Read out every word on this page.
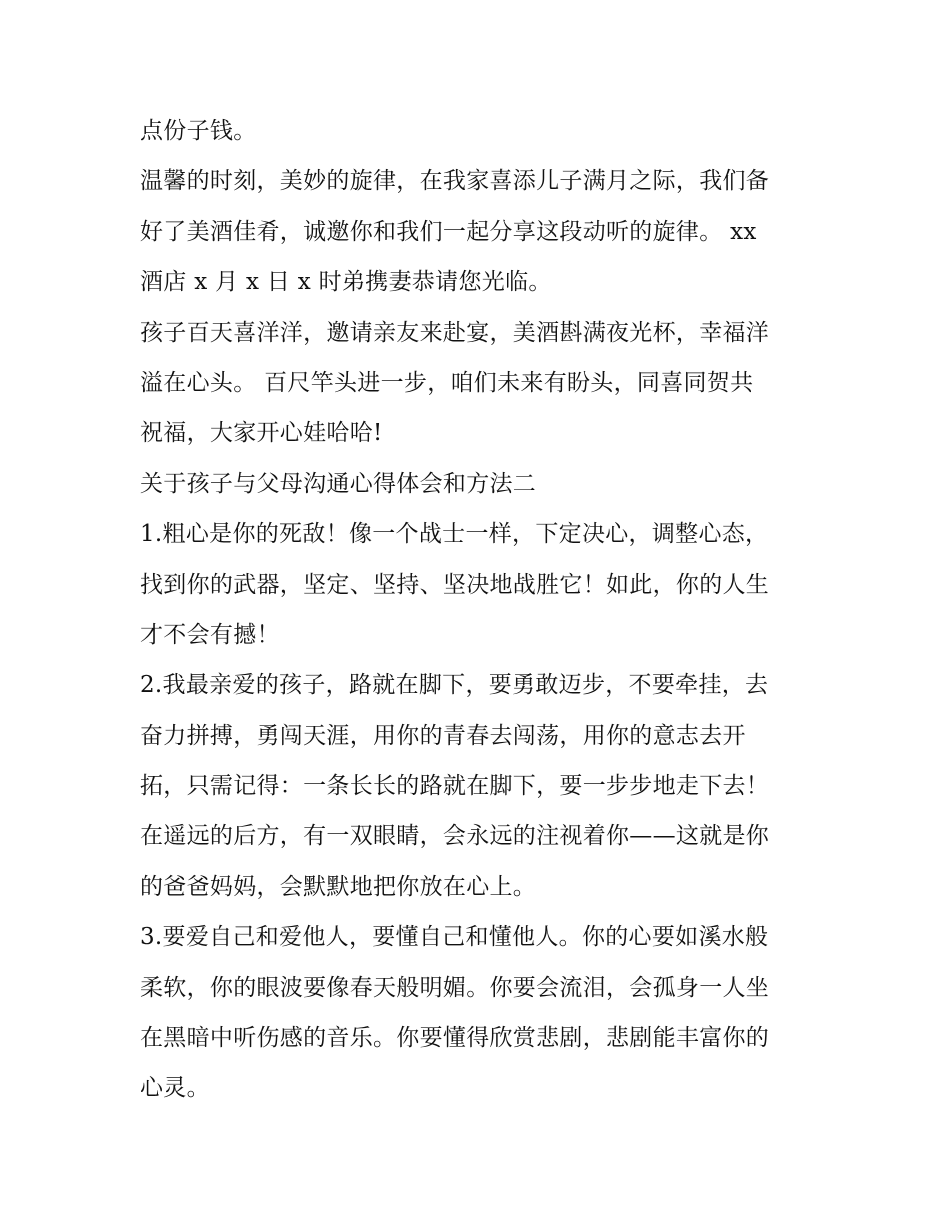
点份子钱。
温馨的时刻，美妙的旋律，在我家喜添儿子满月之际，我们备
好了美酒佳肴，诚邀你和我们一起分享这段动听的旋律。 xx
酒店 x 月 x 日 x 时弟携妻恭请您光临。
孩子百天喜洋洋，邀请亲友来赴宴，美酒斟满夜光杯，幸福洋
溢在心头。 百尺竿头进一步，咱们未来有盼头，同喜同贺共
祝福，大家开心娃哈哈!
关于孩子与父母沟通心得体会和方法二
1.粗心是你的死敌！像一个战士一样，下定决心，调整心态，
找到你的武器，坚定、坚持、坚决地战胜它！如此，你的人生
才不会有撼！
2.我最亲爱的孩子，路就在脚下，要勇敢迈步，不要牵挂，去
奋力拼搏，勇闯天涯，用你的青春去闯荡，用你的意志去开
拓，只需记得：一条长长的路就在脚下，要一步步地走下去！
在遥远的后方，有一双眼睛，会永远的注视着你——这就是你
的爸爸妈妈，会默默地把你放在心上。
3.要爱自己和爱他人，要懂自己和懂他人。你的心要如溪水般
柔软，你的眼波要像春天般明媚。你要会流泪，会孤身一人坐
在黑暗中听伤感的音乐。你要懂得欣赏悲剧，悲剧能丰富你的
心灵。
